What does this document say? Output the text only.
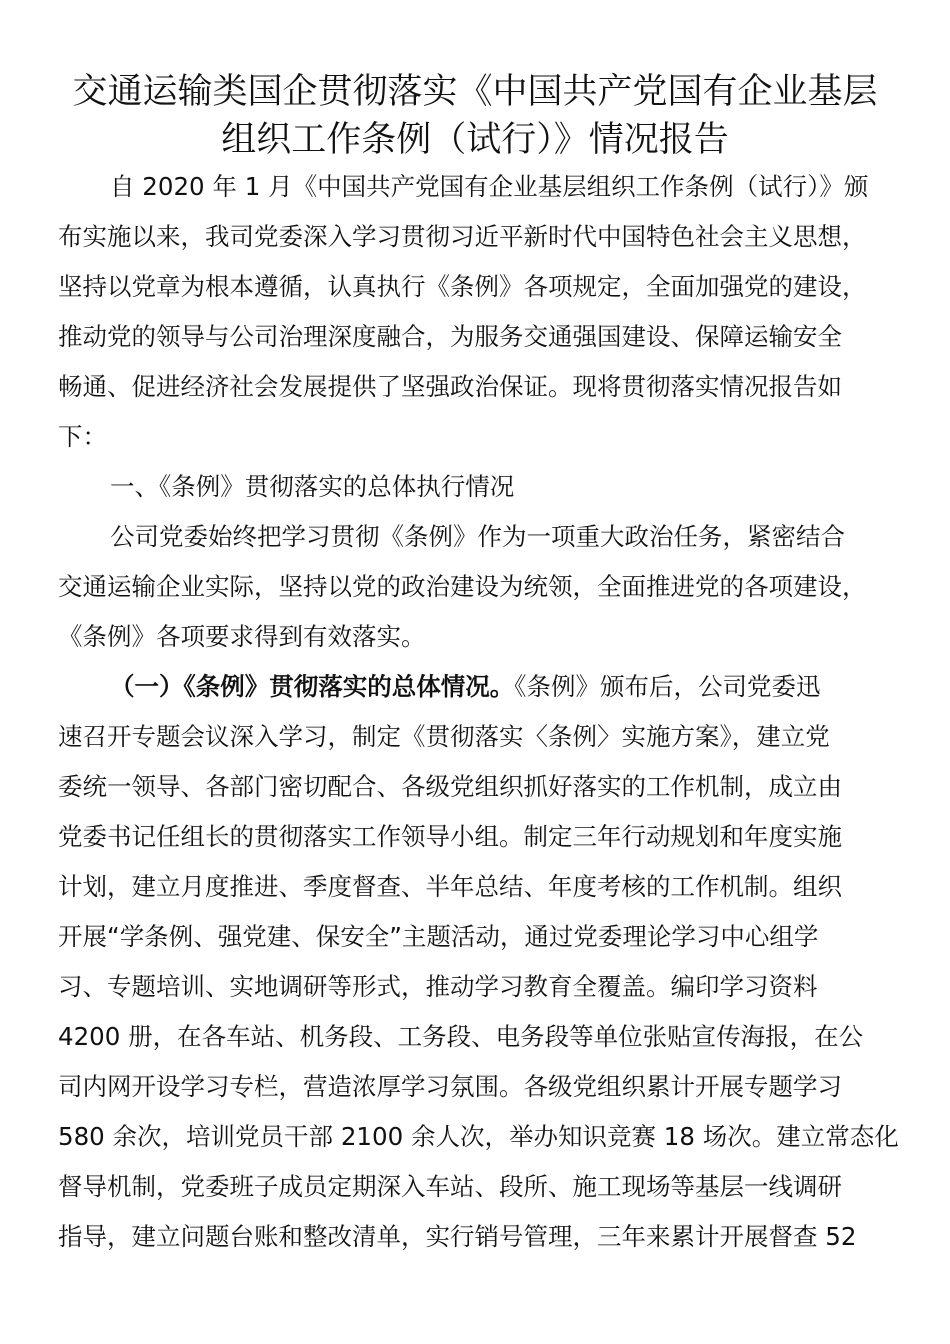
交通运输类国企贯彻落实《中国共产党国有企业基层
组织工作条例（试行）》情况报告
自 2020 年 1 月《中国共产党国有企业基层组织工作条例（试行）》颁
布实施以来，我司党委深入学习贯彻习近平新时代中国特色社会主义思想，
坚持以党章为根本遵循，认真执行《条例》各项规定，全面加强党的建设，
推动党的领导与公司治理深度融合，为服务交通强国建设、保障运输安全
畅通、促进经济社会发展提供了坚强政治保证。现将贯彻落实情况报告如
下：
一、《条例》贯彻落实的总体执行情况
公司党委始终把学习贯彻《条例》作为一项重大政治任务，紧密结合
交通运输企业实际，坚持以党的政治建设为统领，全面推进党的各项建设，
《条例》各项要求得到有效落实。
（一）《条例》贯彻落实的总体情况。《条例》颁布后，公司党委迅
速召开专题会议深入学习，制定《贯彻落实〈条例〉实施方案》，建立党
委统一领导、各部门密切配合、各级党组织抓好落实的工作机制，成立由
党委书记任组长的贯彻落实工作领导小组。制定三年行动规划和年度实施
计划，建立月度推进、季度督查、半年总结、年度考核的工作机制。组织
开展“学条例、强党建、保安全”主题活动，通过党委理论学习中心组学
习、专题培训、实地调研等形式，推动学习教育全覆盖。编印学习资料
4200 册，在各车站、机务段、工务段、电务段等单位张贴宣传海报，在公
司内网开设学习专栏，营造浓厚学习氛围。各级党组织累计开展专题学习
580 余次，培训党员干部 2100 余人次，举办知识竞赛 18 场次。建立常态化
督导机制，党委班子成员定期深入车站、段所、施工现场等基层一线调研
指导，建立问题台账和整改清单，实行销号管理，三年来累计开展督查 52
